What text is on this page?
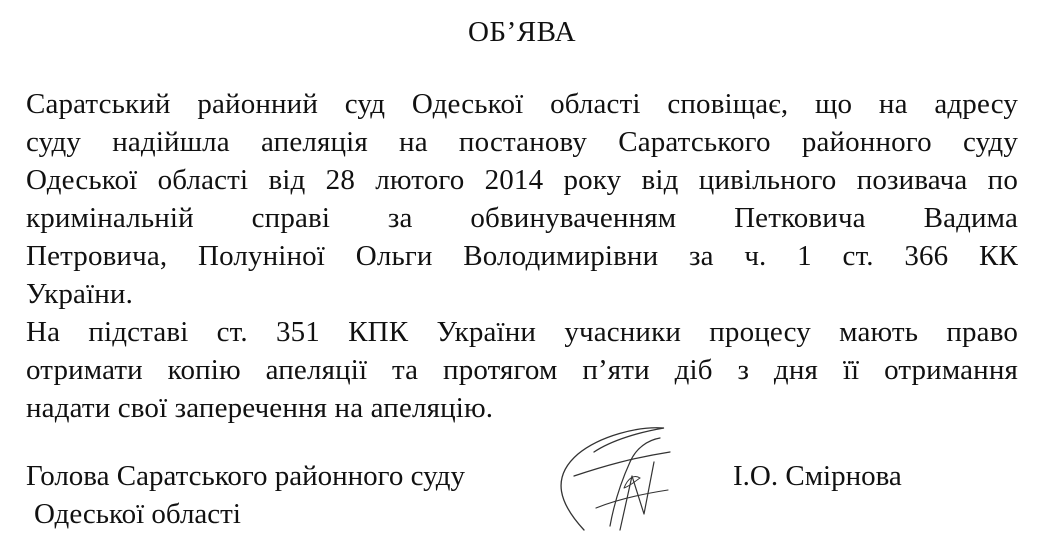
ОБ’ЯВА
Саратський районний суд Одеської області сповіщає, що на адресу
суду надійшла апеляція на постанову Саратського районного суду
Одеської області від 28 лютого 2014 року від цивільного позивача по
кримінальній справі за обвинуваченням Петковича Вадима
Петровича, Полуніної Ольги Володимирівни за ч. 1 ст. 366 КК
України.
На підставі ст. 351 КПК України учасники процесу мають право
отримати копію апеляції та протягом п’яти діб з дня її отримання
надати свої заперечення на апеляцію.
Голова Саратського районного суду
Одеської області
І.О. Смірнова
